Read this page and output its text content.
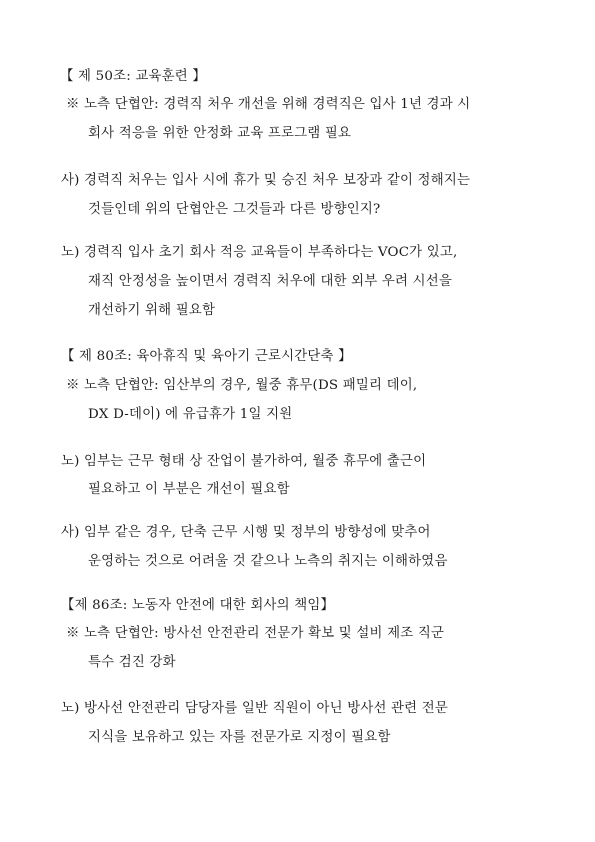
【 제 50조: 교육훈련 】
※ 노측 단협안: 경력직 처우 개선을 위해 경력직은 입사 1년 경과 시
회사 적응을 위한 안정화 교육 프로그램 필요
사) 경력직 처우는 입사 시에 휴가 및 승진 처우 보장과 같이 정해지는
것들인데 위의 단협안은 그것들과 다른 방향인지?
노) 경력직 입사 초기 회사 적응 교육들이 부족하다는 VOC가 있고,
재직 안정성을 높이면서 경력직 처우에 대한 외부 우려 시선을
개선하기 위해 필요함
【 제 80조: 육아휴직 및 육아기 근로시간단축 】
※ 노측 단협안: 임산부의 경우, 월중 휴무(DS 패밀리 데이,
DX D-데이) 에 유급휴가 1일 지원
노) 임부는 근무 형태 상 잔업이 불가하여, 월중 휴무에 출근이
필요하고 이 부분은 개선이 필요함
사) 임부 같은 경우, 단축 근무 시행 및 정부의 방향성에 맞추어
운영하는 것으로 어려울 것 같으나 노측의 취지는 이해하였음
【제 86조: 노동자 안전에 대한 회사의 책임】
※ 노측 단협안: 방사선 안전관리 전문가 확보 및 설비 제조 직군
특수 검진 강화
노) 방사선 안전관리 담당자를 일반 직원이 아닌 방사선 관련 전문
지식을 보유하고 있는 자를 전문가로 지정이 필요함
